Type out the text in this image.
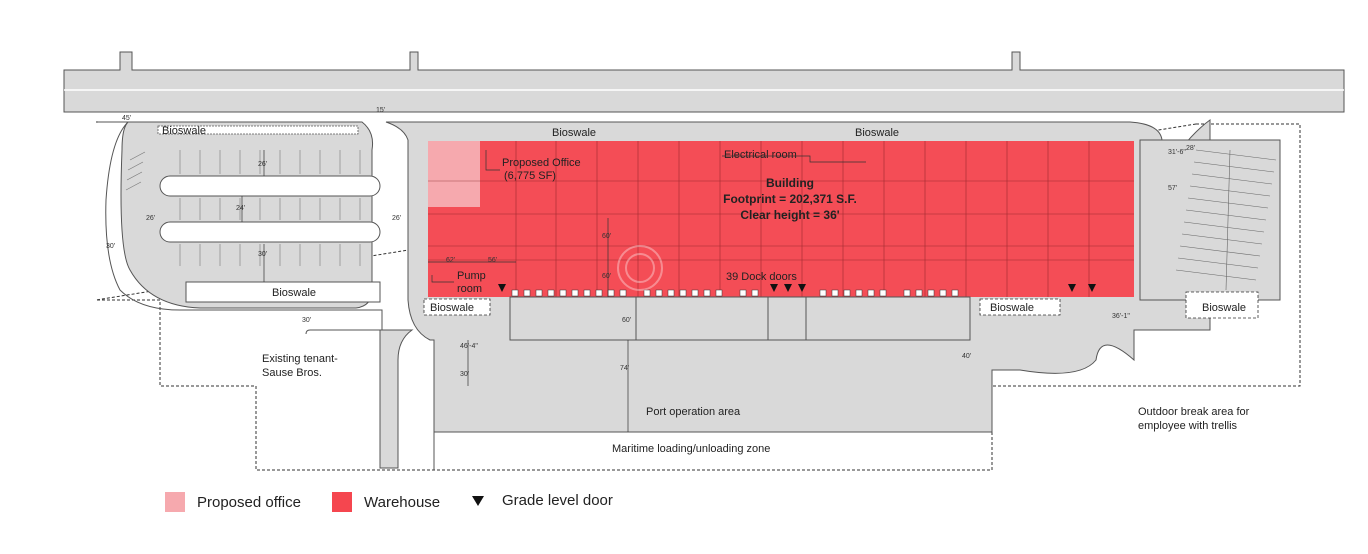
Bioswale	Bioswale	Bioswale
Bioswale
Bioswale	Bioswale	Bioswale
Proposed Office
(6,775 SF)
Electrical room
Building
Footprint = 202,371 S.F.
Clear height = 36'
39 Dock doors
Pump
room
Existing tenant-
Sause Bros.
Port operation area
Maritime loading/unloading zone
Outdoor break area for
employee with trellis
45'
15'
26'
24'
26'	26'
30'
30'
30'
62'	56'
60'
60'
60'
74'
46'-4"
30'
40'
36'-1"
57'
31'-6"
28'
Proposed office	Warehouse	Grade level door
